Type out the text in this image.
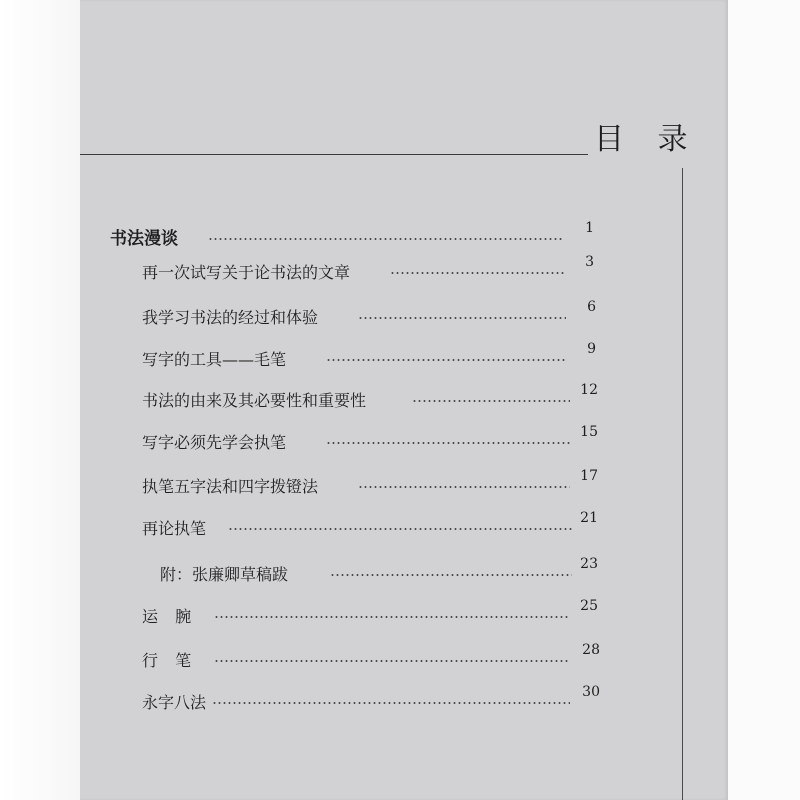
目 录
书法漫谈
1
再一次试写关于论书法的文章
3
我学习书法的经过和体验
6
写字的工具——毛笔
9
书法的由来及其必要性和重要性
12
写字必须先学会执笔
15
执笔五字法和四字拨镫法
17
再论执笔
21
附：张廉卿草稿跋
23
运 腕
25
行 笔
28
永字八法
30
